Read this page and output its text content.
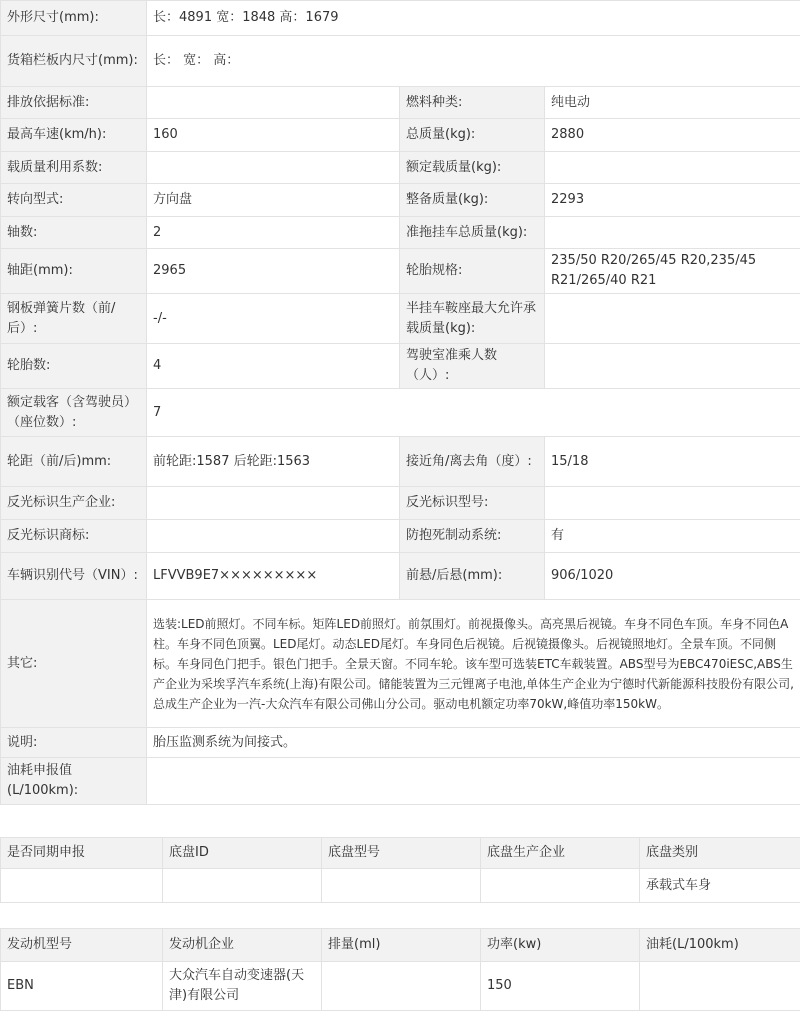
外形尺寸(mm):	长：4891 宽：1848 高：1679		
货箱栏板内尺寸(mm):	长： 宽： 高：		
排放依据标准:		燃料种类:	纯电动
最高车速(km/h):	160	总质量(kg):	2880
载质量利用系数:		额定载质量(kg):	
转向型式:	方向盘	整备质量(kg):	2293
轴数:	2	准拖挂车总质量(kg):	
轴距(mm):	2965	轮胎规格:	235/50 R20/265/45 R20,235/45 R21/265/40 R21
钢板弹簧片数（前/后）:	-/-	半挂车鞍座最大允许承载质量(kg):	
轮胎数:	4	驾驶室准乘人数（人）:	
额定载客（含驾驶员）（座位数）:	7		
轮距（前/后)mm:	前轮距:1587 后轮距:1563	接近角/离去角（度）:	15/18
反光标识生产企业:		反光标识型号:	
反光标识商标:		防抱死制动系统:	有
车辆识别代号（VIN）:	LFVVB9E7×××××××××	前悬/后悬(mm):	906/1020
其它:	选装:LED前照灯。不同车标。矩阵LED前照灯。前氛围灯。前视摄像头。高亮黑后视镜。车身不同色车顶。车身不同色A柱。车身不同色顶翼。LED尾灯。动态LED尾灯。车身同色后视镜。后视镜摄像头。后视镜照地灯。全景车顶。不同侧标。车身同色门把手。银色门把手。全景天窗。不同车轮。该车型可选装ETC车载装置。ABS型号为EBC470iESC,ABS生产企业为采埃孚汽车系统(上海)有限公司。储能装置为三元锂离子电池,单体生产企业为宁德时代新能源科技股份有限公司,总成生产企业为一汽-大众汽车有限公司佛山分公司。驱动电机额定功率70kW,峰值功率150kW。		
说明:	胎压监测系统为间接式。		
油耗申报值(L/100km):			
是否同期申报	底盘ID	底盘型号	底盘生产企业	底盘类别
				承载式车身
发动机型号	发动机企业	排量(ml)	功率(kw)	油耗(L/100km)
EBN	大众汽车自动变速器(天津)有限公司		150	
